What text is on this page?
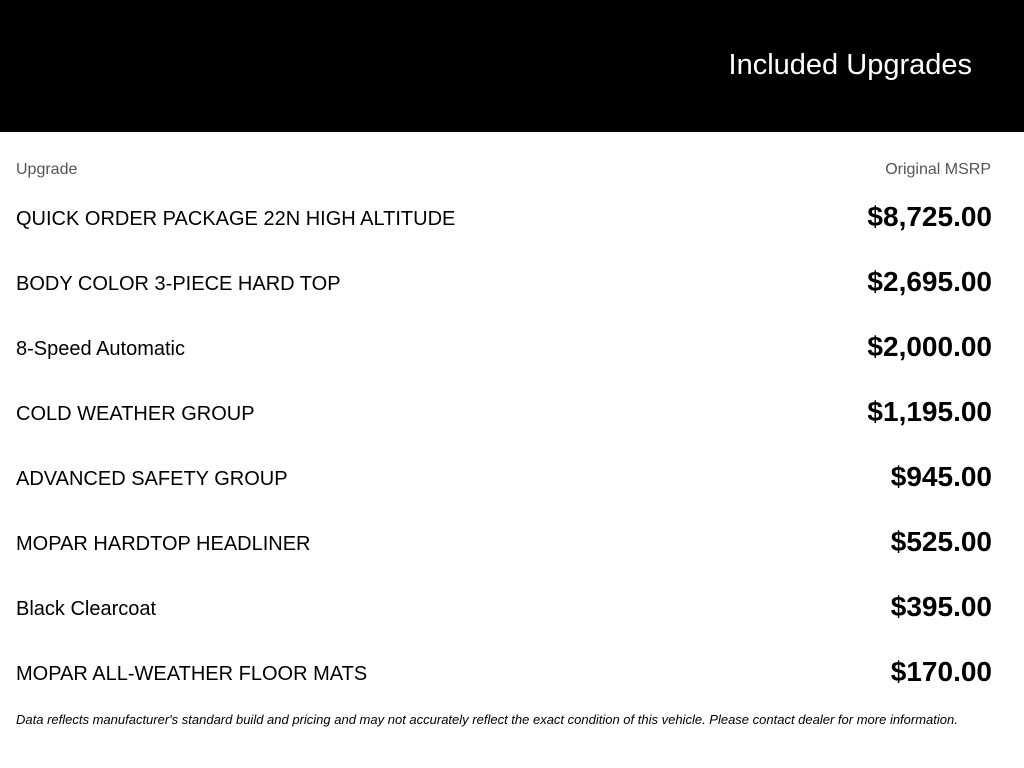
Included Upgrades
Upgrade	Original MSRP
QUICK ORDER PACKAGE 22N HIGH ALTITUDE	$8,725.00
BODY COLOR 3-PIECE HARD TOP	$2,695.00
8-Speed Automatic	$2,000.00
COLD WEATHER GROUP	$1,195.00
ADVANCED SAFETY GROUP	$945.00
MOPAR HARDTOP HEADLINER	$525.00
Black Clearcoat	$395.00
MOPAR ALL-WEATHER FLOOR MATS	$170.00
Data reflects manufacturer's standard build and pricing and may not accurately reflect the exact condition of this vehicle. Please contact dealer for more information.
